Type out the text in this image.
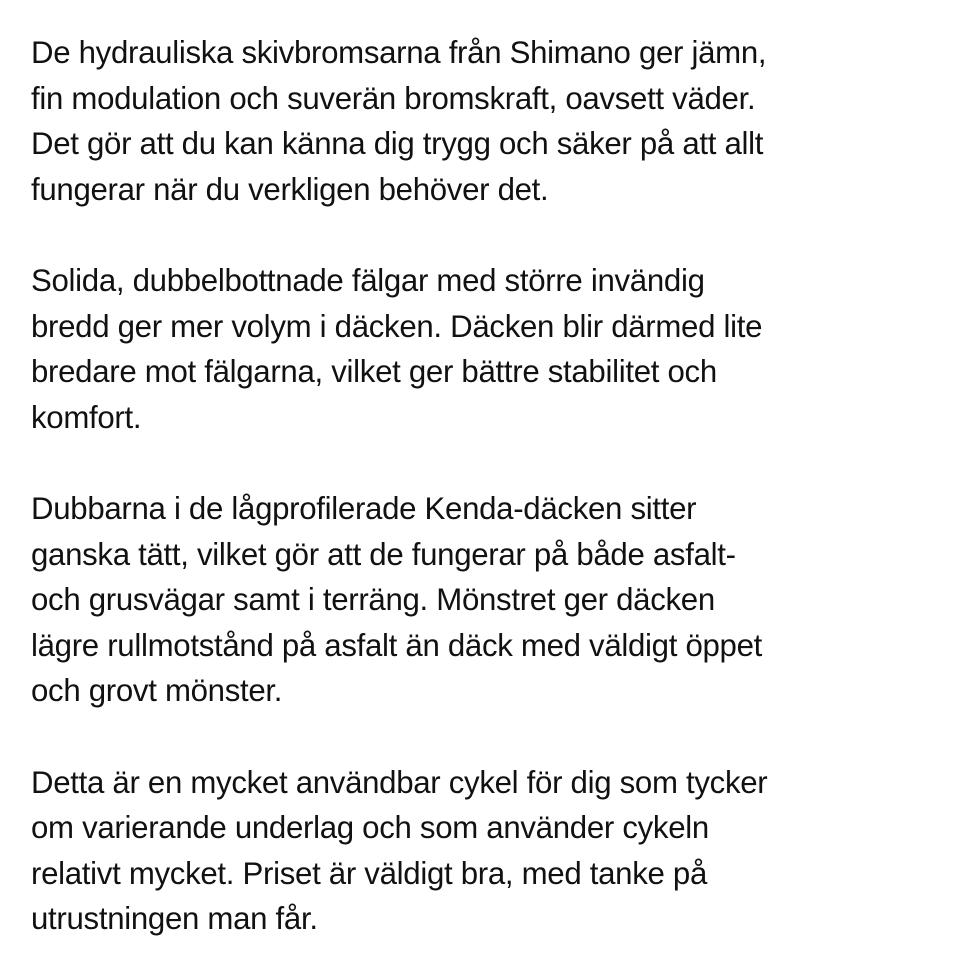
De hydrauliska skivbromsarna från Shimano ger jämn,
fin modulation och suverän bromskraft, oavsett väder.
Det gör att du kan känna dig trygg och säker på att allt
fungerar när du verkligen behöver det.

Solida, dubbelbottnade fälgar med större invändig
bredd ger mer volym i däcken. Däcken blir därmed lite
bredare mot fälgarna, vilket ger bättre stabilitet och
komfort.

Dubbarna i de lågprofilerade Kenda-däcken sitter
ganska tätt, vilket gör att de fungerar på både asfalt-
och grusvägar samt i terräng. Mönstret ger däcken
lägre rullmotstånd på asfalt än däck med väldigt öppet
och grovt mönster.

Detta är en mycket användbar cykel för dig som tycker
om varierande underlag och som använder cykeln
relativt mycket. Priset är väldigt bra, med tanke på
utrustningen man får.
